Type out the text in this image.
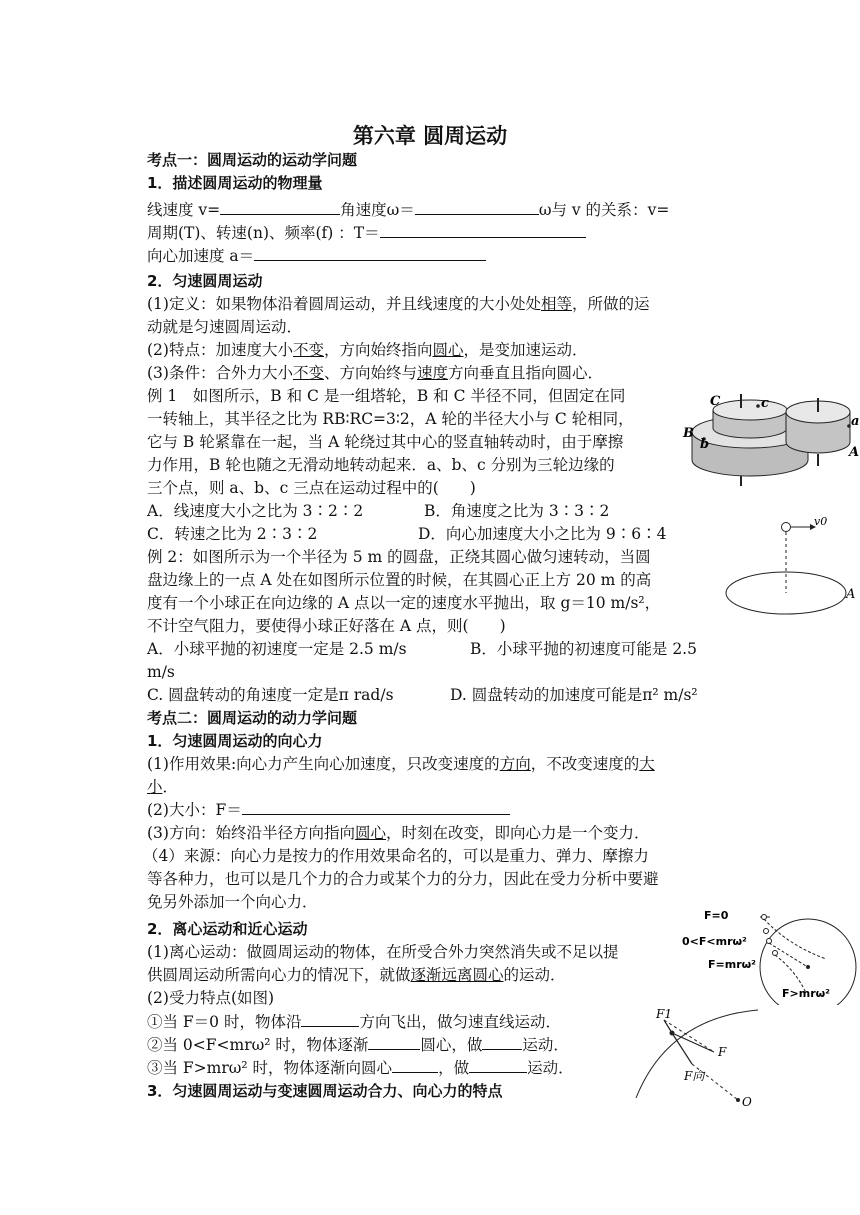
第六章 圆周运动
考点一：圆周运动的运动学问题
1．描述圆周运动的物理量
线速度 v=	角速度ω＝	ω与 v 的关系：v=
周期(T)、转速(n)、频率(f) ：T＝
向心加速度 a＝
2．匀速圆周运动
(1)定义：如果物体沿着圆周运动，并且线速度的大小处处相等，所做的运
动就是匀速圆周运动．
(2)特点：加速度大小不变，方向始终指向圆心，是变加速运动．
(3)条件：合外力大小不变、方向始终与速度方向垂直且指向圆心．
例 1　如图所示，B 和 C 是一组塔轮，B 和 C 半径不同，但固定在同
一转轴上，其半径之比为 RB∶RC=3∶2，A 轮的半径大小与 C 轮相同，
它与 B 轮紧靠在一起，当 A 轮绕过其中心的竖直轴转动时，由于摩擦
力作用，B 轮也随之无滑动地转动起来．a、b、c 分别为三轮边缘的
三个点，则 a、b、c 三点在运动过程中的(　　)
A．线速度大小之比为 3∶2∶2	B．角速度之比为 3∶3∶2
C．转速之比为 2∶3∶2	D．向心加速度大小之比为 9∶6∶4
例 2：如图所示为一个半径为 5 m 的圆盘，正绕其圆心做匀速转动，当圆
盘边缘上的一点 A 处在如图所示位置的时候，在其圆心正上方 20 m 的高
度有一个小球正在向边缘的 A 点以一定的速度水平抛出，取 g＝10 m/s²，
不计空气阻力，要使得小球正好落在 A 点，则(　　)
A．小球平抛的初速度一定是 2.5 m/s	B．小球平抛的初速度可能是 2.5
m/s
C. 圆盘转动的角速度一定是π rad/s	D. 圆盘转动的加速度可能是π² m/s²
考点二：圆周运动的动力学问题
1．匀速圆周运动的向心力
(1)作用效果:向心力产生向心加速度，只改变速度的方向，不改变速度的大
小．
(2)大小：F＝
(3)方向：始终沿半径方向指向圆心，时刻在改变，即向心力是一个变力．
（4）来源：向心力是按力的作用效果命名的，可以是重力、弹力、摩擦力
等各种力，也可以是几个力的合力或某个力的分力，因此在受力分析中要避
免另外添加一个向心力．
2．离心运动和近心运动
(1)离心运动：做圆周运动的物体，在所受合外力突然消失或不足以提
供圆周运动所需向心力的情况下，就做逐渐远离圆心的运动．
(2)受力特点(如图)
①当 F＝0 时，物体沿	方向飞出，做匀速直线运动．
②当 0<F<mrω² 时，物体逐渐	圆心，做	运动．
③当 F>mrω² 时，物体逐渐向圆心	，做	运动．
3．匀速圆周运动与变速圆周运动合力、向心力的特点
C	c
B
b
a
A
v0
A
F=0
0<F<mrω²
F=mrω²
F>mrω²
F1
F
F向
O
